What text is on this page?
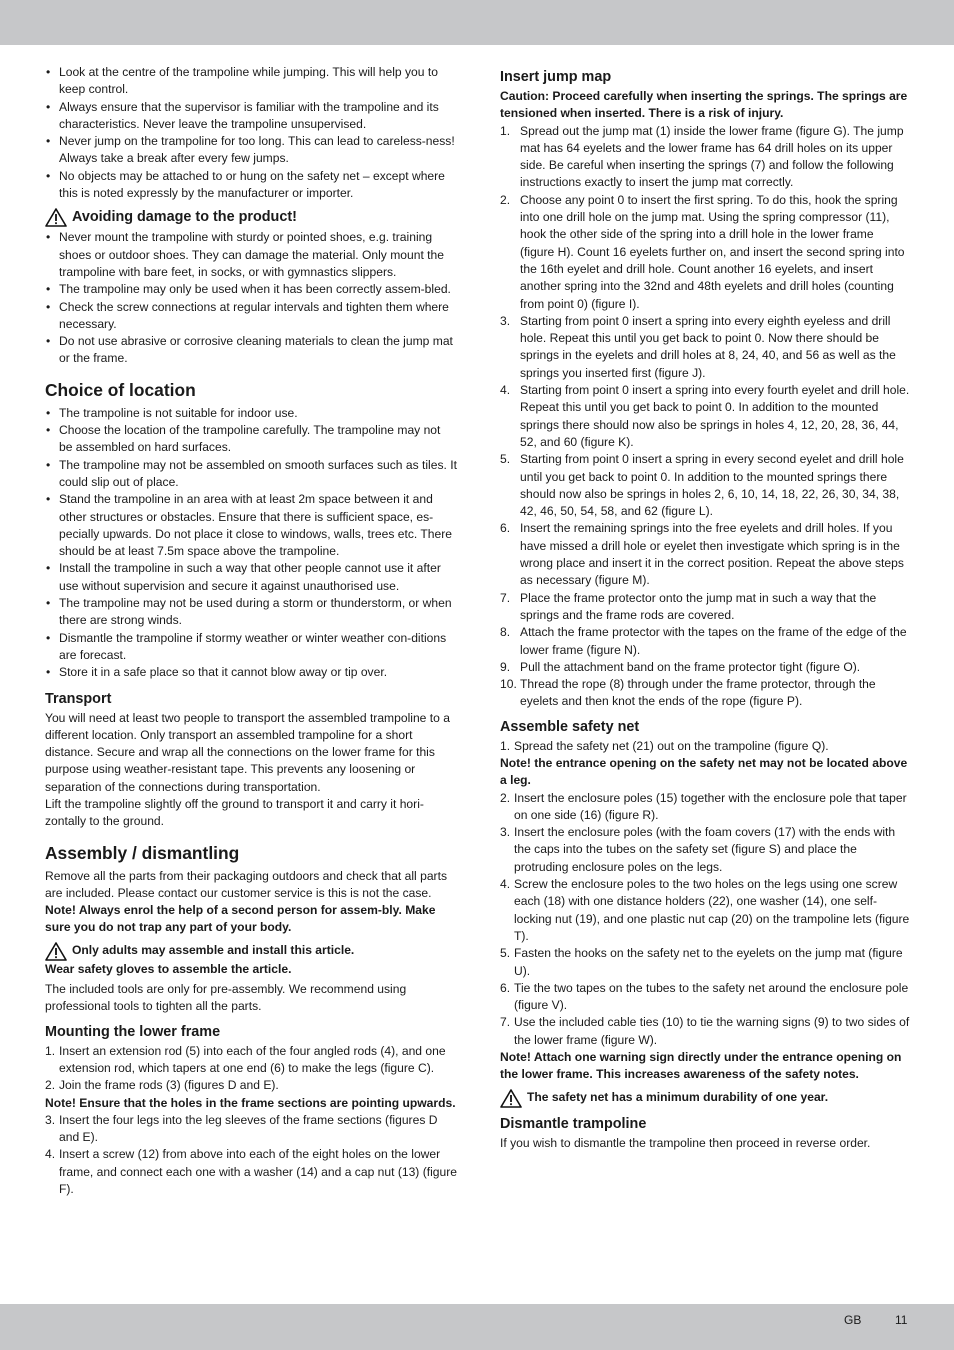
• Look at the centre of the trampoline while jumping. This will help you to keep control.
• Always ensure that the supervisor is familiar with the trampoline and its characteristics. Never leave the trampoline unsupervised.
• Never jump on the trampoline for too long. This can lead to careless-ness! Always take a break after every few jumps.
• No objects may be attached to or hung on the safety net – except where this is noted expressly by the manufacturer or importer.
Avoiding damage to the product!
• Never mount the trampoline with sturdy or pointed shoes, e.g. training shoes or outdoor shoes. They can damage the material. Only mount the trampoline with bare feet, in socks, or with gymnastics slippers.
• The trampoline may only be used when it has been correctly assem-bled.
• Check the screw connections at regular intervals and tighten them where necessary.
• Do not use abrasive or corrosive cleaning materials to clean the jump mat or the frame.
Choice of location
• The trampoline is not suitable for indoor use.
• Choose the location of the trampoline carefully. The trampoline may not be assembled on hard surfaces.
• The trampoline may not be assembled on smooth surfaces such as tiles. It could slip out of place.
• Stand the trampoline in an area with at least 2m space between it and other structures or obstacles. Ensure that there is sufficient space, es-pecially upwards. Do not place it close to windows, walls, trees etc. There should be at least 7.5m space above the trampoline.
• Install the trampoline in such a way that other people cannot use it after use without supervision and secure it against unauthorised use.
• The trampoline may not be used during a storm or thunderstorm, or when there are strong winds.
• Dismantle the trampoline if stormy weather or winter weather con-ditions are forecast.
• Store it in a safe place so that it cannot blow away or tip over.
Transport

You will need at least two people to transport the assembled trampoline to a different location. Only transport an assembled trampoline for a short distance. Secure and wrap all the connections on the lower frame for this purpose using weather-resistant tape. This prevents any loosening or separation of the connections during transportation.

Lift the trampoline slightly off the ground to transport it and carry it hori-zontally to the ground.

Assembly / dismantling

Remove all the parts from their packaging outdoors and check that all parts are included. Please contact our customer service is this is not the case.

Note! Always enrol the help of a second person for assem-bly. Make sure you do not trap any part of your body.

Only adults may assemble and install this article.

Wear safety gloves to assemble the article.

The included tools are only for pre-assembly. We recommend using professional tools to tighten all the parts.

Mounting the lower frame
1. Insert an extension rod (5) into each of the four angled rods (4), and one extension rod, which tapers at one end (6) to make the legs (figure C).
2. Join the frame rods (3) (figures D and E).

Note! Ensure that the holes in the frame sections are pointing upwards.

3. Insert the four legs into the leg sleeves of the frame sections (figures D and E).
4. Insert a screw (12) from above into each of the eight holes on the lower frame, and connect each one with a washer (14) and a cap nut (13) (figure F).
Insert jump map

Caution: Proceed carefully when inserting the springs. The springs are tensioned when inserted. There is a risk of injury.

1. Spread out the jump mat (1) inside the lower frame (figure G). The jump mat has 64 eyelets and the lower frame has 64 drill holes on its upper side. Be careful when inserting the springs (7) and follow the following instructions exactly to insert the jump mat correctly.
2. Choose any point 0 to insert the first spring. To do this, hook the spring into one drill hole on the jump mat. Using the spring compressor (11), hook the other side of the spring into a drill hole in the lower frame (figure H). Count 16 eyelets further on, and insert the second spring into the 16th eyelet and drill hole. Count another 16 eyelets, and insert another spring into the 32nd and 48th eyelets and drill holes (counting from point 0) (figure I).
3. Starting from point 0 insert a spring into every eighth eyeless and drill hole. Repeat this until you get back to point 0. Now there should be springs in the eyelets and drill holes at 8, 24, 40, and 56 as well as the springs you inserted first (figure J).
4. Starting from point 0 insert a spring into every fourth eyelet and drill hole. Repeat this until you get back to point 0. In addition to the mounted springs there should now also be springs in holes 4, 12, 20, 28, 36, 44, 52, and 60 (figure K).
5. Starting from point 0 insert a spring in every second eyelet and drill hole until you get back to point 0. In addition to the mounted springs there should now also be springs in holes 2, 6, 10, 14, 18, 22, 26, 30, 34, 38, 42, 46, 50, 54, 58, and 62 (figure L).
6. Insert the remaining springs into the free eyelets and drill holes. If you have missed a drill hole or eyelet then investigate which spring is in the wrong place and insert it in the correct position. Repeat the above steps as necessary (figure M).
7. Place the frame protector onto the jump mat in such a way that the springs and the frame rods are covered.
8. Attach the frame protector with the tapes on the frame of the edge of the lower frame (figure N).
9. Pull the attachment band on the frame protector tight (figure O).
10. Thread the rope (8) through under the frame protector, through the eyelets and then knot the ends of the rope (figure P).
Assemble safety net
1. Spread the safety net (21) out on the trampoline (figure Q).

Note! the entrance opening on the safety net may not be located above a leg.

2. Insert the enclosure poles (15) together with the enclosure pole that taper on one side (16) (figure R).
3. Insert the enclosure poles (with the foam covers (17) with the ends with the caps into the tubes on the safety set (figure S) and place the protruding enclosure poles on the legs.
4. Screw the enclosure poles to the two holes on the legs using one screw each (18) with one distance holders (22), one washer (14), one self-locking nut (19), and one plastic nut cap (20) on the trampoline lets (figure T).
5. Fasten the hooks on the safety net to the eyelets on the jump mat (figure U).
6. Tie the two tapes on the tubes to the safety net around the enclosure pole (figure V).
7. Use the included cable ties (10) to tie the warning signs (9) to two sides of the lower frame (figure W).

Note! Attach one warning sign directly under the entrance opening on the lower frame. This increases awareness of the safety notes.

The safety net has a minimum durability of one year.

Dismantle trampoline

If you wish to dismantle the trampoline then proceed in reverse order.

GB	11
